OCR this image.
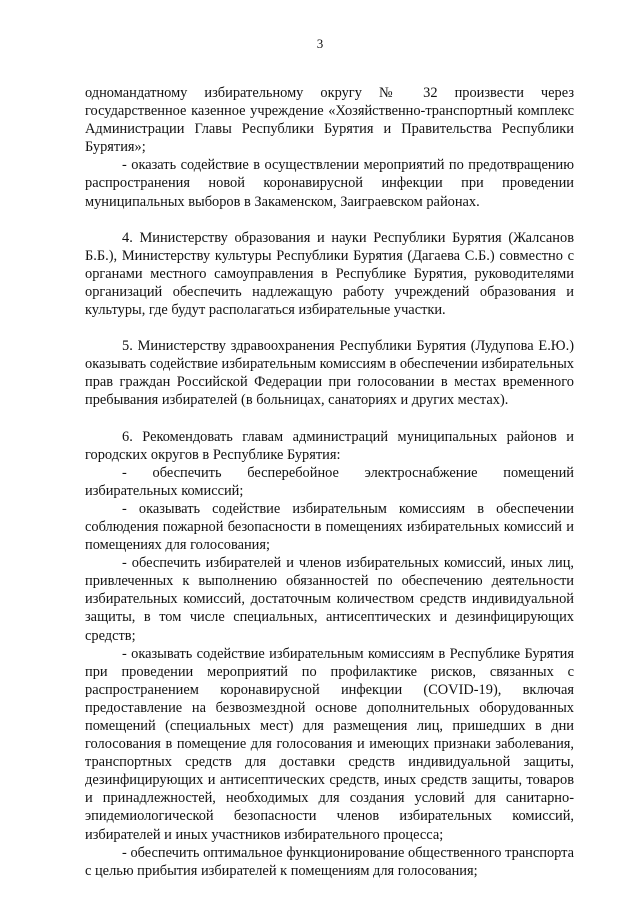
3

одномандатному избирательному округу № 32 произвести через государственное казенное учреждение «Хозяйственно-транспортный комплекс Администрации Главы Республики Бурятия и Правительства Республики Бурятия»;

- оказать содействие в осуществлении мероприятий по предотвращению распространения новой коронавирусной инфекции при проведении муниципальных выборов в Закаменском, Заиграевском районах.

4. Министерству образования и науки Республики Бурятия (Жалсанов Б.Б.), Министерству культуры Республики Бурятия (Дагаева С.Б.) совместно с органами местного самоуправления в Республике Бурятия, руководителями организаций обеспечить надлежащую работу учреждений образования и культуры, где будут располагаться избирательные участки.

5. Министерству здравоохранения Республики Бурятия (Лудупова Е.Ю.) оказывать содействие избирательным комиссиям в обеспечении избирательных прав граждан Российской Федерации при голосовании в местах временного пребывания избирателей (в больницах, санаториях и других местах).

6. Рекомендовать главам администраций муниципальных районов и городских округов в Республике Бурятия:

- обеспечить бесперебойное электроснабжение помещений избирательных комиссий;

- оказывать содействие избирательным комиссиям в обеспечении соблюдения пожарной безопасности в помещениях избирательных комиссий и помещениях для голосования;

- обеспечить избирателей и членов избирательных комиссий, иных лиц, привлеченных к выполнению обязанностей по обеспечению деятельности избирательных комиссий, достаточным количеством средств индивидуальной защиты, в том числе специальных, антисептических и дезинфицирующих средств;

- оказывать содействие избирательным комиссиям в Республике Бурятия при проведении мероприятий по профилактике рисков, связанных с распространением коронавирусной инфекции (COVID-19), включая предоставление на безвозмездной основе дополнительных оборудованных помещений (специальных мест) для размещения лиц, пришедших в дни голосования в помещение для голосования и имеющих признаки заболевания, транспортных средств для доставки средств индивидуальной защиты, дезинфицирующих и антисептических средств, иных средств защиты, товаров и принадлежностей, необходимых для создания условий для санитарно-эпидемиологической безопасности членов избирательных комиссий, избирателей и иных участников избирательного процесса;

- обеспечить оптимальное функционирование общественного транспорта с целью прибытия избирателей к помещениям для голосования;
